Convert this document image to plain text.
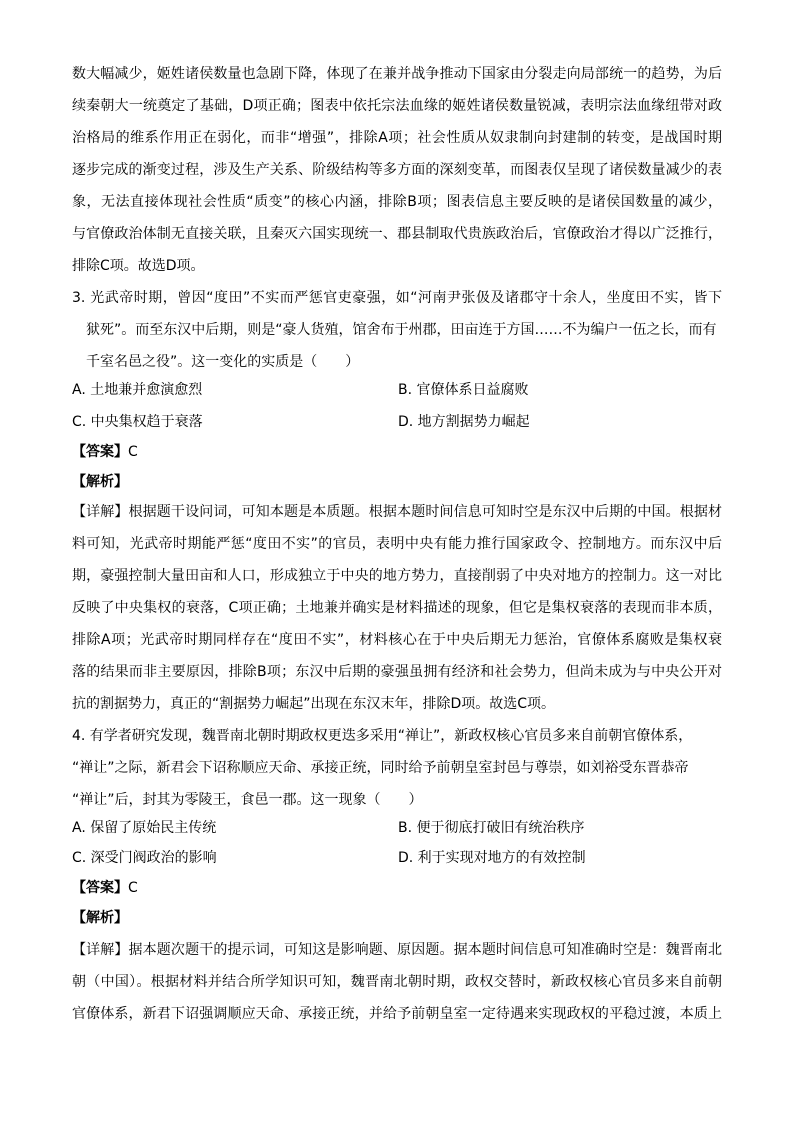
数大幅减少，姬姓诸侯数量也急剧下降，体现了在兼并战争推动下国家由分裂走向局部统一的趋势，为后
续秦朝大一统奠定了基础，D项正确；图表中依托宗法血缘的姬姓诸侯数量锐减，表明宗法血缘纽带对政
治格局的维系作用正在弱化，而非“增强”，排除A项；社会性质从奴隶制向封建制的转变，是战国时期
逐步完成的渐变过程，涉及生产关系、阶级结构等多方面的深刻变革，而图表仅呈现了诸侯数量减少的表
象，无法直接体现社会性质“质变”的核心内涵，排除B项；图表信息主要反映的是诸侯国数量的减少，
与官僚政治体制无直接关联，且秦灭六国实现统一、郡县制取代贵族政治后，官僚政治才得以广泛推行，
排除C项。故选D项。
3. 光武帝时期，曾因“度田”不实而严惩官吏豪强，如“河南尹张伋及诸郡守十余人，坐度田不实，皆下
狱死”。而至东汉中后期，则是“豪人货殖，馆舍布于州郡，田亩连于方国……不为编户一伍之长，而有
千室名邑之役”。这一变化的实质是（　　）
A. 土地兼并愈演愈烈	B. 官僚体系日益腐败
C. 中央集权趋于衰落	D. 地方割据势力崛起
【答案】C
【解析】
【详解】根据题干设问词，可知本题是本质题。根据本题时间信息可知时空是东汉中后期的中国。根据材
料可知，光武帝时期能严惩“度田不实”的官员，表明中央有能力推行国家政令、控制地方。而东汉中后
期，豪强控制大量田亩和人口，形成独立于中央的地方势力，直接削弱了中央对地方的控制力。这一对比
反映了中央集权的衰落，C项正确；土地兼并确实是材料描述的现象，但它是集权衰落的表现而非本质，
排除A项；光武帝时期同样存在“度田不实”，材料核心在于中央后期无力惩治，官僚体系腐败是集权衰
落的结果而非主要原因，排除B项；东汉中后期的豪强虽拥有经济和社会势力，但尚未成为与中央公开对
抗的割据势力，真正的“割据势力崛起”出现在东汉末年，排除D项。故选C项。
4. 有学者研究发现，魏晋南北朝时期政权更迭多采用“禅让”，新政权核心官员多来自前朝官僚体系，
“禅让”之际，新君会下诏称顺应天命、承接正统，同时给予前朝皇室封邑与尊崇，如刘裕受东晋恭帝
“禅让”后，封其为零陵王，食邑一郡。这一现象（　　）
A. 保留了原始民主传统	B. 便于彻底打破旧有统治秩序
C. 深受门阀政治的影响	D. 利于实现对地方的有效控制
【答案】C
【解析】
【详解】据本题次题干的提示词，可知这是影响题、原因题。据本题时间信息可知准确时空是：魏晋南北
朝（中国）。根据材料并结合所学知识可知，魏晋南北朝时期，政权交替时，新政权核心官员多来自前朝
官僚体系，新君下诏强调顺应天命、承接正统，并给予前朝皇室一定待遇来实现政权的平稳过渡，本质上
